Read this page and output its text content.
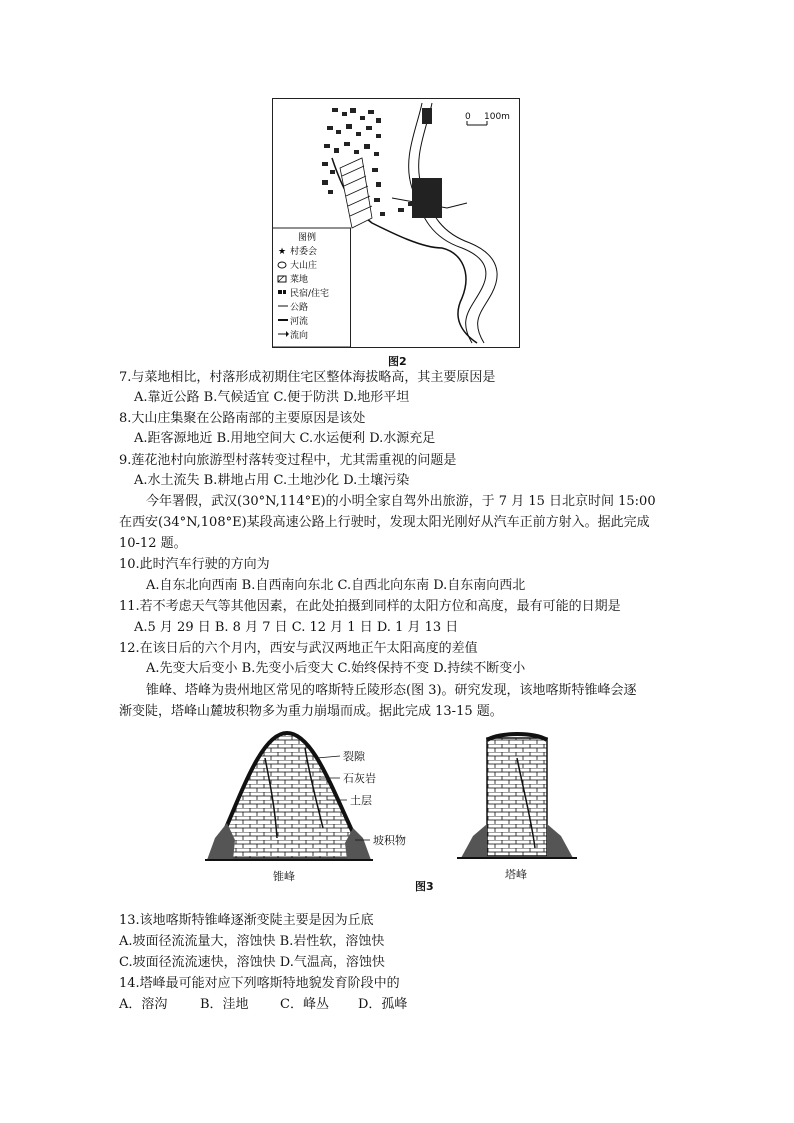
0 100m
图例
★ 村委会
大山庄
菜地
民宿/住宅
公路
河流
流向
图2
7.与菜地相比，村落形成初期住宅区整体海拔略高，其主要原因是
A.靠近公路 B.气候适宜 C.便于防洪 D.地形平坦
8.大山庄集聚在公路南部的主要原因是该处
A.距客源地近 B.用地空间大 C.水运便利 D.水源充足
9.莲花池村向旅游型村落转变过程中，尤其需重视的问题是
A.水土流失 B.耕地占用 C.土地沙化 D.土壤污染
今年署假，武汉(30°N,114°E)的小明全家自驾外出旅游，于 7 月 15 日北京时间 15:00
在西安(34°N,108°E)某段高速公路上行驶时，发现太阳光刚好从汽车正前方射入。据此完成
10-12 题。
10.此时汽车行驶的方向为
A.自东北向西南 B.自西南向东北 C.自西北向东南 D.自东南向西北
11.若不考虑天气等其他因素，在此处拍摄到同样的太阳方位和高度，最有可能的日期是
A.5 月 29 日 B. 8 月 7 日 C. 12 月 1 日 D. 1 月 13 日
12.在该日后的六个月内，西安与武汉两地正午太阳高度的差值
A.先变大后变小 B.先变小后变大 C.始终保持不变 D.持续不断变小
锥峰、塔峰为贵州地区常见的喀斯特丘陵形态(图 3)。研究发现，该地喀斯特锥峰会逐
渐变陡，塔峰山麓坡积物多为重力崩塌而成。据此完成 13-15 题。
裂隙
石灰岩
土层
坡积物
锥峰	塔峰
图3
13.该地喀斯特锥峰逐渐变陡主要是因为丘底
A.坡面径流流量大，溶蚀快 B.岩性软，溶蚀快
C.坡面径流流速快，溶蚀快 D.气温高，溶蚀快
14.塔峰最可能对应下列喀斯特地貌发育阶段中的
A．溶沟	B．洼地 C．峰丛 D．孤峰
